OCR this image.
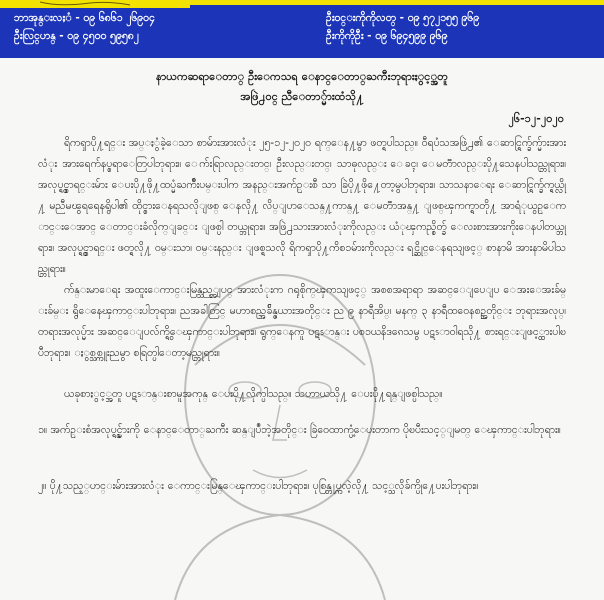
ဘာအုန္းလႈံ - ၀၉ ၆၈၆၁ ၂၆၉၀၄
ဦးလြင္ဟန္ - ၀၉ ၄၅၀၀ ၅၉၅၈၂
ဦး၀င္းကိုကိုလတ္ - ၀၉ ၅၇၂၁၅၅ ၉၆၉
ဦးကိုကိုဦး - ၀၉ ၆၉၄၅၉၉ ၉၆၉
နာယကဆရာေတာ္ ဦးေကသရ ေနာင္ေတာ္ႀကီးဘုရားႏွင့္အတူ
အဖြဲ႕၀င္ ညီေတာ္မ်ားထံသို႔
၂၆-၁၂-၂၀၂၀
ရိကၡာပို႔ရင္း အပ္ႏွံခဲ့ေသာ စာမ်ားအားလံုး ၂၅-၁၂-၂၀၂၀ ရက္ေန႔မွာ ဖတ္ရပါသည္။ ဝီရပံသအဖြဲ႕၏ ေဆာင္ရြက္ခ်က္မ်ားအားလံုး အားရေက်နပ္စရာေတြပါဘုရား။ ေက်းရြာလည္းတင္၊ ဦးလည္းတင္၊ သာဓုလည္း ေခၚ၊ ေမတၱာလည္းပို႔သေနပါသည္ဘုရား။ အလုပ္ရွင္စာရင္းမ်ား ေပးပို႔ဖို႔ထပ္မံႀကိဳးပမ္းပါက အနည္းအက်ဥ္းစီ သာ ခြဲပို႔ဖို႔ေတာ့မွပါဘုရား။ သာသနာေရး ေဆာင္ရြက္ခ်က္ရယ္လို႔ မညီမၽွရရေနရွိပါ၏ ထိုင္စားေနရသလိုျဖစ္ ေနလို႔ လိပ္ျပာေသန္႔ကာန္႔ ေမတၱာအန္႔ ျဖစ္ၾကက္ရာတို႔ အာရံုယွဥ္ေကာင္းေအာင္ ေတာင္းခံလိုက္ျခင္း ျဖစ္ပါ တယ္ဘုရား။ အဖြဲ႕သားအားလံုးကိုလည္း ယံုၾကည္စိတ္ခ် ေလးစားအားကိုးေနပါတယ္ဘုရား။ အလုပ္ရွင္စာရင္း ဖတ္ရလို႔ ဝမ္းသာ၊ ဝမ္းနည္း ျဖစ္ရသလို ရိကၡာပို႔ကိစၥမ်ားကိုလည္း ရင္ဆိုင္ေနရသျဖင့္ စာနာမိ အားနာမိပါသည္ဘုရား။
က်န္းမာေရး အထူးေကာင္းမြန္သည့္အျပင္ အားလံုးက ဂရုစိုက္ၾကသျဖင့္ အစစအရာရာ အဆင္ေျပေျပ ေအးေအးခ်မ္းခ်မ္း ရွိေနေၾကာင္းပါဘုရား။ ညအခါတြင္ မဟာစည္အခ်ိန္ဇယားအတိုင္း ည ၉ နာရီအိပ္၊ မနက္ ၃ နာရီထ၀ေနစဥ္အတိုင္း ဘုရားအလုပ္၊ တရားအလုပ္မ်ား အဆင္ေျပလ်က္ရွိေၾကာင္းပါဘုရား။ ရွက္ေနကူ ပဋၭာန္း ပစၥယနိဒၵေသမွ ပဋၭာဝါရသို႔ စားရင္းျဖင့္ထားပါၿပီဘုရား။ ႏွစ္သစ္ကူးညမွာ စရြတ္ပါေတာ့မည္ဘုရား။
ယခုစာႏွင့္အတူ ပဋၭာန္းစာမူအကုန္ ေပးပို႔လိုက္ပါသည္။ သဟာယသို႔ ေပးပို႔ရန္ျဖစ္ပါသည္။
၁။ အက်ဥ္းစံအလုပ္ရွင္မ်ားကို ေနာင္ေတာ္ႀကီး ဆန္ျပဳဘဲ့အတိုင္း ခြဲဝေထာက္ပံ့ေပးတာက ပိုၿပီးသင့္ျမတ္ ေၾကာင္းပါဘုရား။
၂။ ပို႔သည့္ဟင္းမ်ားအားလံုး ေကာင္းမြန္ေၾကာင္းပါဘုရား။ ပုစြန္တုပ္ကလဲ့လို႔ သင့္သလိုခ်က္ပို႔ေပးပါဘုရား။
